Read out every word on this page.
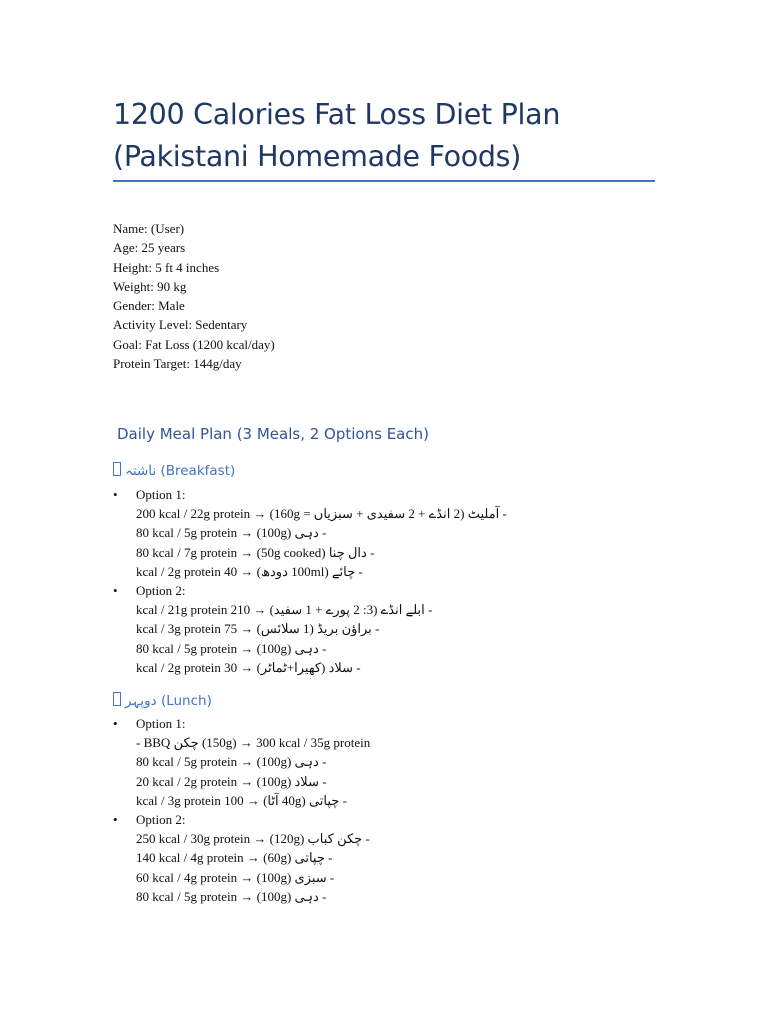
1200 Calories Fat Loss Diet Plan
(Pakistani Homemade Foods)
Name: (User)
Age: 25 years
Height: 5 ft 4 inches
Weight: 90 kg
Gender: Male
Activity Level: Sedentary
Goal: Fat Loss (1200 kcal/day)
Protein Target: 144g/day
Daily Meal Plan (3 Meals, 2 Options Each)
ناشتہ (Breakfast)
• Option 1:
- آملیٹ (2 انڈے + 2 سفیدی + سبزیاں = 160g) → 200 kcal / 22g protein
- دہی (100g) → 80 kcal / 5g protein
- دال چنا (50g cooked) → 80 kcal / 7g protein
- چائے (100ml دودھ) → 40 kcal / 2g protein
• Option 2:
- ابلے انڈے (3: 2 پورے + 1 سفید) → 210 kcal / 21g protein
- براؤن بریڈ (1 سلائس) → 75 kcal / 3g protein
- دہی (100g) → 80 kcal / 5g protein
- سلاد (کھیرا+ٹماٹر) → 30 kcal / 2g protein
دوپہر (Lunch)
• Option 1:
- BBQ چکن (150g) → 300 kcal / 35g protein
- دہی (100g) → 80 kcal / 5g protein
- سلاد (100g) → 20 kcal / 2g protein
- چپاتی (40g آٹا) → 100 kcal / 3g protein
• Option 2:
- چکن کباب (120g) → 250 kcal / 30g protein
- چپاتی (60g) → 140 kcal / 4g protein
- سبزی (100g) → 60 kcal / 4g protein
- دہی (100g) → 80 kcal / 5g protein
